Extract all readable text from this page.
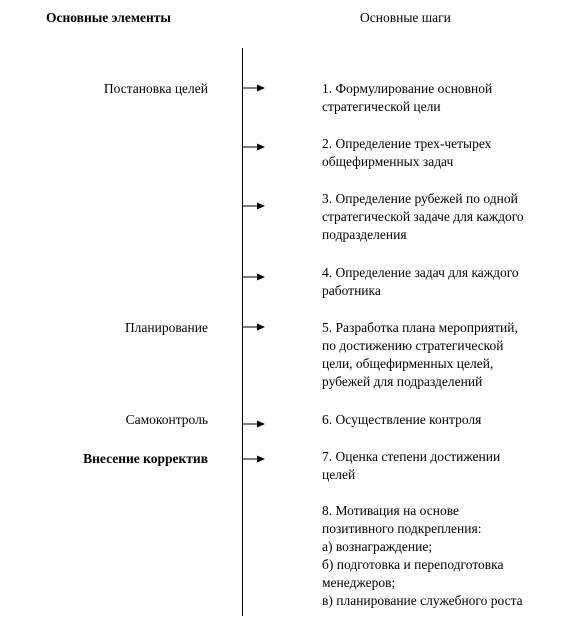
Основные элементы	Основные шаги
Постановка целей
Планирование
Самоконтроль
Внесение корректив
1. Формулирование основной
стратегической цели
2. Определение трех-четырех
общефирменных задач
3. Определение рубежей по одной
стратегической задаче для каждого
подразделения
4. Определение задач для каждого
работника
5. Разработка плана мероприятий,
по достижению стратегической
цели, общефирменных целей,
рубежей для подразделений
6. Осуществление контроля
7. Оценка степени достижении
целей
8. Мотивация на основе
позитивного подкрепления:
а) вознаграждение;
б) подготовка и переподготовка
менеджеров;
в) планирование служебного роста
